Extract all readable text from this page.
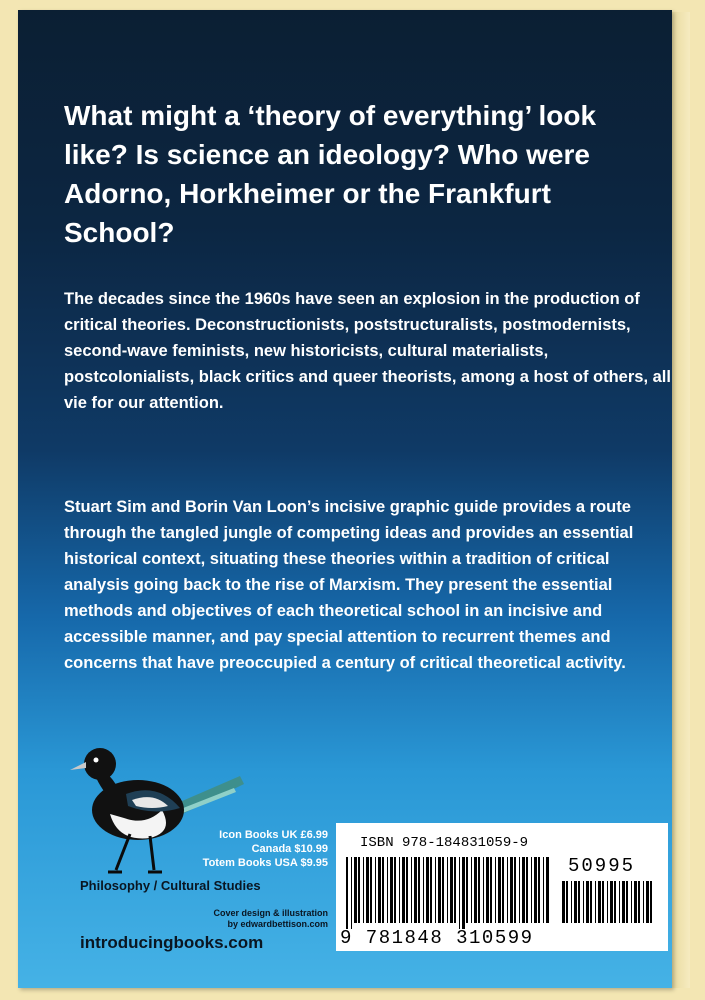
What might a ‘theory of everything’ look like? Is science an ideology? Who were Adorno, Horkheimer or the Frankfurt School?
The decades since the 1960s have seen an explosion in the production of critical theories. Deconstructionists, poststructuralists, postmodernists, second-wave feminists, new historicists, cultural materialists, postcolonialists, black critics and queer theorists, among a host of others, all vie for our attention.
Stuart Sim and Borin Van Loon’s incisive graphic guide provides a route through the tangled jungle of competing ideas and provides an essential historical context, situating these theories within a tradition of critical analysis going back to the rise of Marxism. They present the essential methods and objectives of each theoretical school in an incisive and accessible manner, and pay special attention to recurrent themes and concerns that have preoccupied a century of critical theoretical activity.
Icon Books UK £6.99
Canada $10.99
Totem Books USA $9.95
Philosophy / Cultural Studies
Cover design & illustration
by edwardbettison.com
introducingbooks.com
ISBN 978-184831059-9
50995
9 781848 310599
